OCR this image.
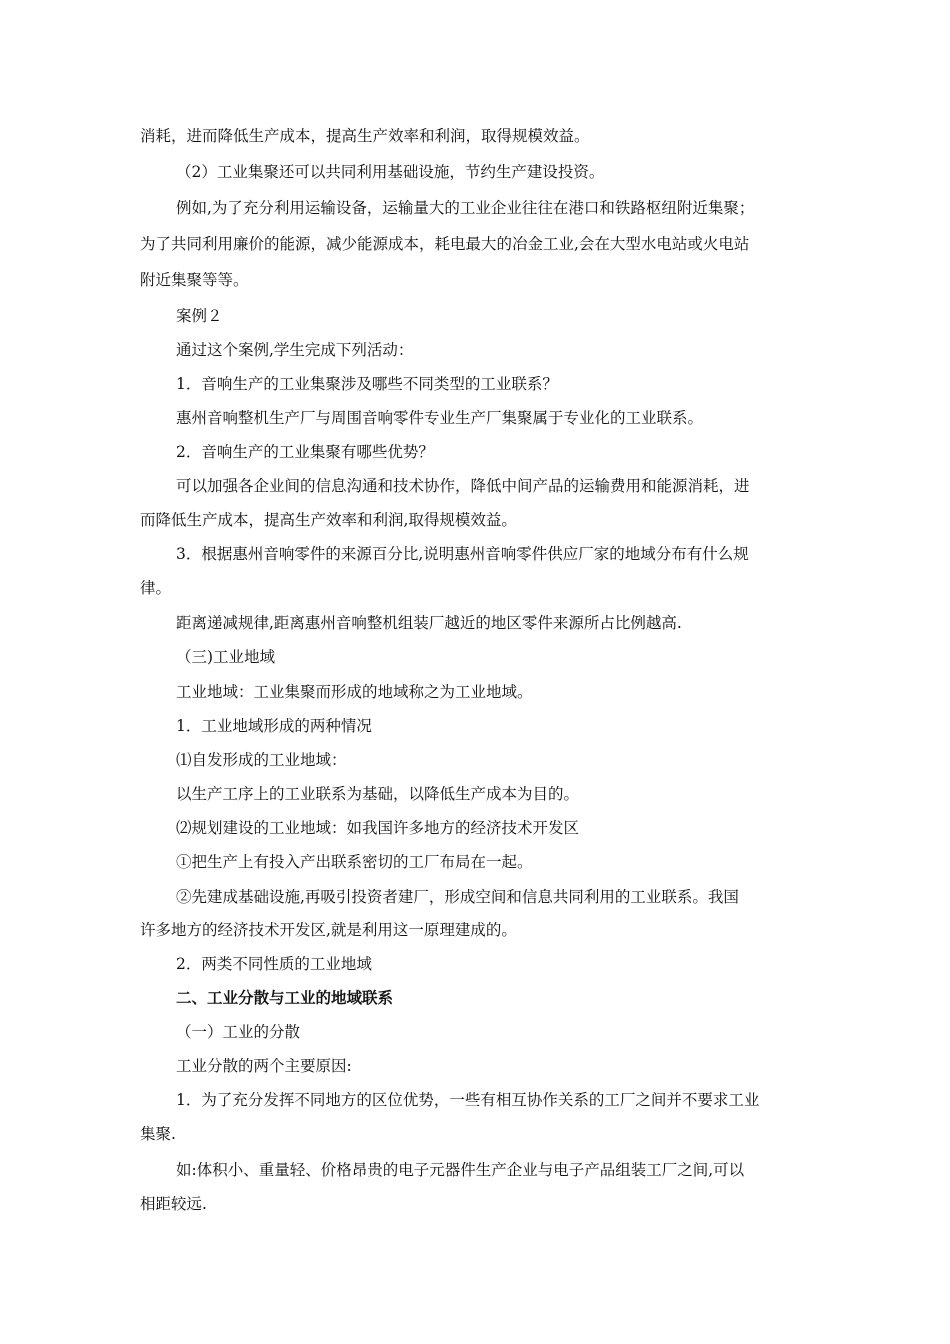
消耗，进而降低生产成本，提高生产效率和利润，取得规模效益。
（2）工业集聚还可以共同利用基础设施，节约生产建设投资。
例如,为了充分利用运输设备，运输量大的工业企业往往在港口和铁路枢纽附近集聚；
为了共同利用廉价的能源，减少能源成本，耗电最大的冶金工业,会在大型水电站或火电站
附近集聚等等。
案例２
通过这个案例,学生完成下列活动：
1．音响生产的工业集聚涉及哪些不同类型的工业联系？
惠州音响整机生产厂与周围音响零件专业生产厂集聚属于专业化的工业联系。
2．音响生产的工业集聚有哪些优势？
可以加强各企业间的信息沟通和技术协作，降低中间产品的运输费用和能源消耗，进
而降低生产成本，提高生产效率和利润,取得规模效益。
3．根据惠州音响零件的来源百分比,说明惠州音响零件供应厂家的地域分布有什么规
律。
距离递减规律,距离惠州音响整机组装厂越近的地区零件来源所占比例越高.
（三)工业地域
工业地域：工业集聚而形成的地域称之为工业地域。
1．工业地域形成的两种情况
⑴自发形成的工业地域：
以生产工序上的工业联系为基础，以降低生产成本为目的。
⑵规划建设的工业地域：如我国许多地方的经济技术开发区
①把生产上有投入产出联系密切的工厂布局在一起。
②先建成基础设施,再吸引投资者建厂，形成空间和信息共同利用的工业联系。我国
许多地方的经济技术开发区,就是利用这一原理建成的。
2．两类不同性质的工业地域
二、工业分散与工业的地域联系
（一）工业的分散
工业分散的两个主要原因:
1．为了充分发挥不同地方的区位优势，一些有相互协作关系的工厂之间并不要求工业
集聚.
如:体积小、重量轻、价格昂贵的电子元器件生产企业与电子产品组装工厂之间,可以
相距较远.
